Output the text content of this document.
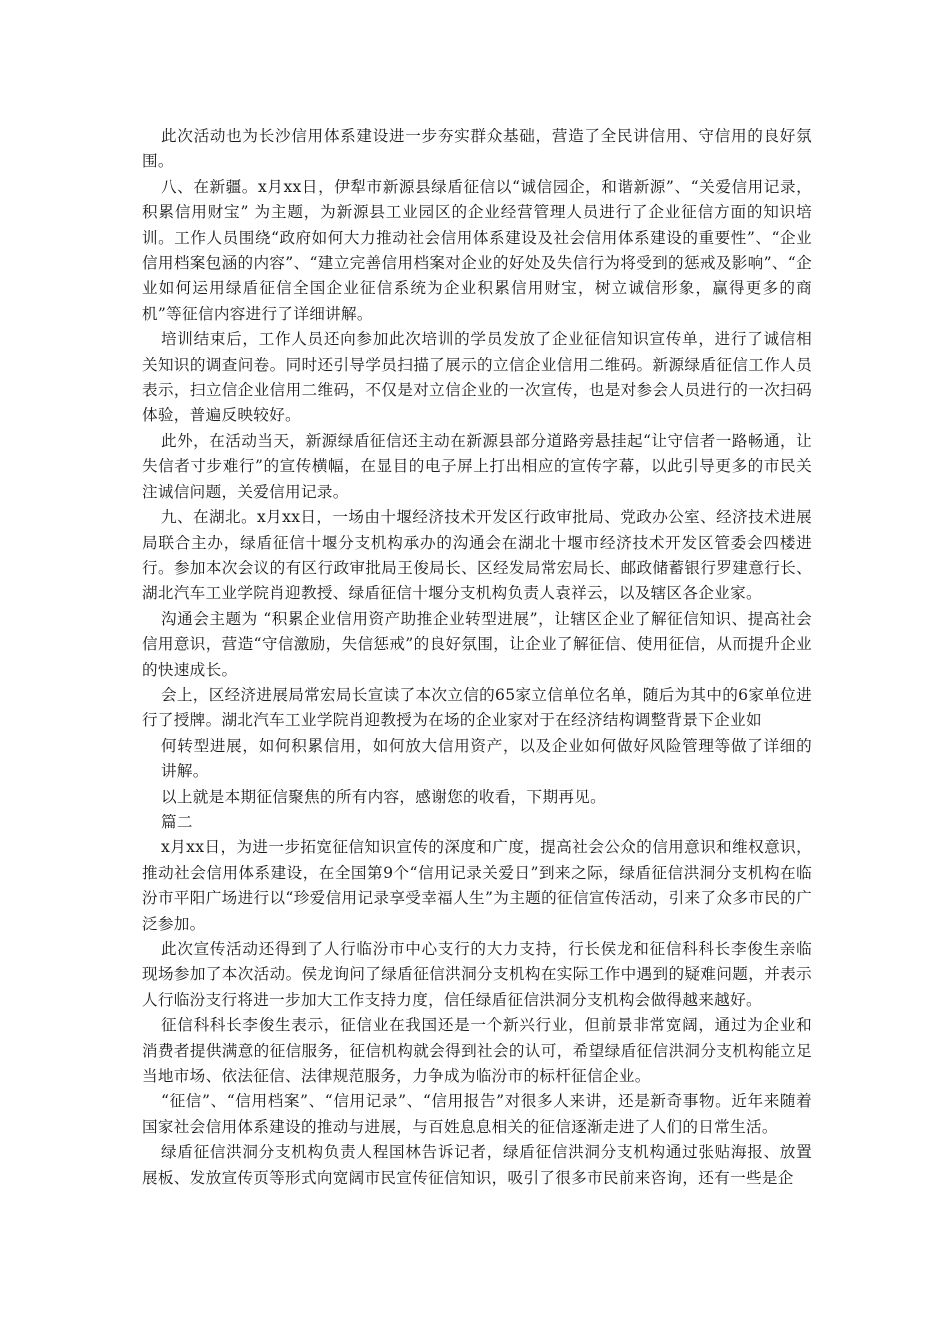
此次活动也为长沙信用体系建设进一步夯实群众基础，营造了全民讲信用、守信用的良好氛围。

八、在新疆。x月xx日，伊犁市新源县绿盾征信以“诚信园企，和谐新源”、“关爱信用记录，积累信用财宝” 为主题，为新源县工业园区的企业经营管理人员进行了企业征信方面的知识培训。工作人员围绕“政府如何大力推动社会信用体系建设及社会信用体系建设的重要性”、“企业信用档案包涵的内容”、“建立完善信用档案对企业的好处及失信行为将受到的惩戒及影响”、“企业如何运用绿盾征信全国企业征信系统为企业积累信用财宝，树立诚信形象，赢得更多的商机”等征信内容进行了详细讲解。

培训结束后，工作人员还向参加此次培训的学员发放了企业征信知识宣传单，进行了诚信相关知识的调查问卷。同时还引导学员扫描了展示的立信企业信用二维码。新源绿盾征信工作人员表示，扫立信企业信用二维码，不仅是对立信企业的一次宣传，也是对参会人员进行的一次扫码体验，普遍反映较好。

此外，在活动当天，新源绿盾征信还主动在新源县部分道路旁悬挂起“让守信者一路畅通，让失信者寸步难行”的宣传横幅，在显目的电子屏上打出相应的宣传字幕，以此引导更多的市民关注诚信问题，关爱信用记录。

九、在湖北。x月xx日，一场由十堰经济技术开发区行政审批局、党政办公室、经济技术进展局联合主办，绿盾征信十堰分支机构承办的沟通会在湖北十堰市经济技术开发区管委会四楼进行。参加本次会议的有区行政审批局王俊局长、区经发局常宏局长、邮政储蓄银行罗建意行长、湖北汽车工业学院肖迎教授、绿盾征信十堰分支机构负责人袁祥云，以及辖区各企业家。

沟通会主题为 “积累企业信用资产助推企业转型进展”，让辖区企业了解征信知识、提高社会信用意识，营造“守信激励，失信惩戒”的良好氛围，让企业了解征信、使用征信，从而提升企业的快速成长。

会上，区经济进展局常宏局长宣读了本次立信的65家立信单位名单，随后为其中的6家单位进行了授牌。湖北汽车工业学院肖迎教授为在场的企业家对于在经济结构调整背景下企业如

何转型进展，如何积累信用，如何放大信用资产，以及企业如何做好风险管理等做了详细的讲解。

以上就是本期征信聚焦的所有内容，感谢您的收看，下期再见。

篇二

x月xx日，为进一步拓宽征信知识宣传的深度和广度，提高社会公众的信用意识和维权意识，推动社会信用体系建设，在全国第9个“信用记录关爱日”到来之际，绿盾征信洪洞分支机构在临汾市平阳广场进行以“珍爱信用记录享受幸福人生”为主题的征信宣传活动，引来了众多市民的广泛参加。

此次宣传活动还得到了人行临汾市中心支行的大力支持，行长侯龙和征信科科长李俊生亲临现场参加了本次活动。侯龙询问了绿盾征信洪洞分支机构在实际工作中遇到的疑难问题，并表示人行临汾支行将进一步加大工作支持力度，信任绿盾征信洪洞分支机构会做得越来越好。

征信科科长李俊生表示，征信业在我国还是一个新兴行业，但前景非常宽阔，通过为企业和消费者提供满意的征信服务，征信机构就会得到社会的认可，希望绿盾征信洪洞分支机构能立足当地市场、依法征信、法律规范服务，力争成为临汾市的标杆征信企业。

“征信”、“信用档案”、“信用记录”、“信用报告”对很多人来讲，还是新奇事物。近年来随着国家社会信用体系建设的推动与进展，与百姓息息相关的征信逐渐走进了人们的日常生活。

绿盾征信洪洞分支机构负责人程国林告诉记者，绿盾征信洪洞分支机构通过张贴海报、放置展板、发放宣传页等形式向宽阔市民宣传征信知识，吸引了很多市民前来咨询，还有一些是企
